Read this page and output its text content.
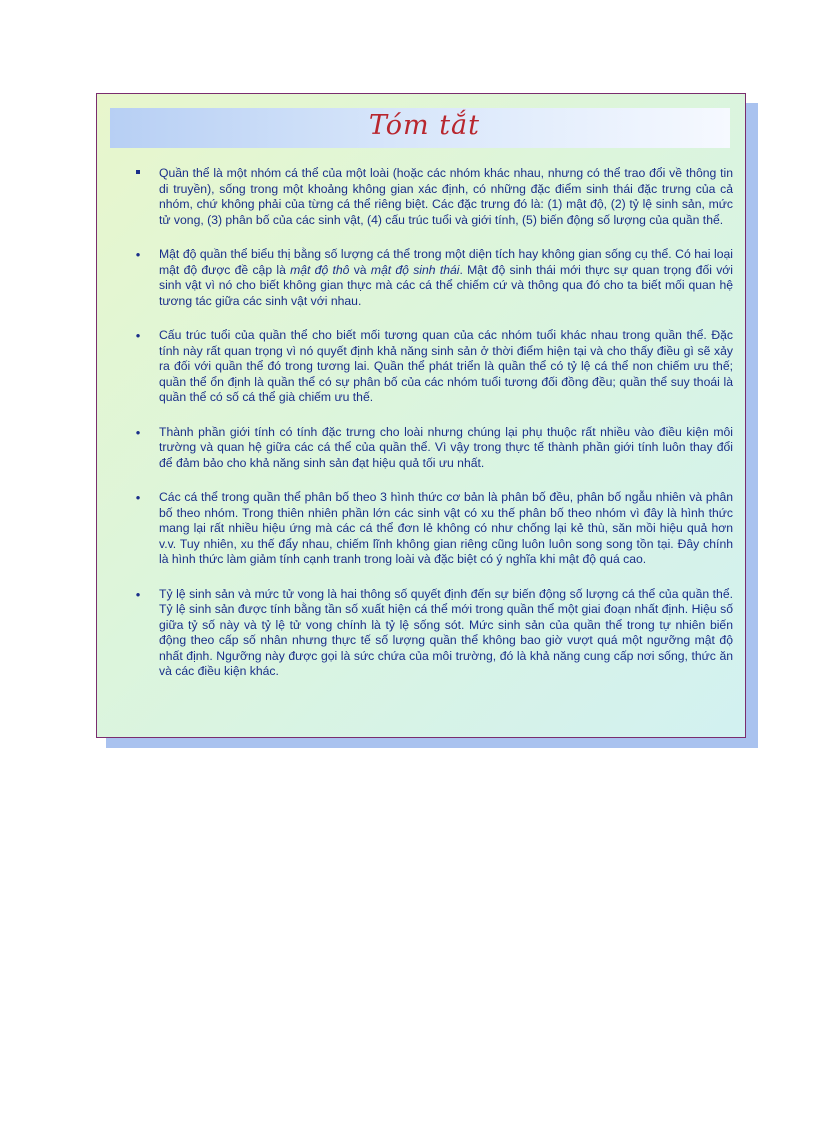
Tóm tắt
Quần thể là một nhóm cá thể của một loài (hoặc các nhóm khác nhau, nhưng có thể trao đổi về thông tin di truyền), sống trong một khoảng không gian xác định, có những đặc điểm sinh thái đặc trưng của cả nhóm, chứ không phải của từng cá thể riêng biệt. Các đặc trưng đó là: (1) mật độ, (2) tỷ lệ sinh sản, mức tử vong, (3) phân bố của các sinh vật, (4) cấu trúc tuổi và giới tính, (5) biến động số lượng của quần thể.
•
Mật độ quần thể biểu thị bằng số lượng cá thể trong một diện tích hay không gian sống cụ thể. Có hai loại mật độ được đề cập là mật độ thô và mật độ sinh thái. Mật độ sinh thái mới thực sự quan trọng đối với sinh vật vì nó cho biết không gian thực mà các cá thể chiếm cứ và thông qua đó cho ta biết mối quan hệ tương tác giữa các sinh vật với nhau.
•
Cấu trúc tuổi của quần thể cho biết mối tương quan của các nhóm tuổi khác nhau trong quần thể. Đặc tính này rất quan trọng vì nó quyết định khả năng sinh sản ở thời điểm hiện tại và cho thấy điều gì sẽ xảy ra đối với quần thể đó trong tương lai. Quần thể phát triển là quần thể có tỷ lệ cá thể non chiếm ưu thế; quần thể ổn định là quần thể có sự phân bố của các nhóm tuổi tương đối đồng đều; quần thể suy thoái là quần thể có số cá thể già chiếm ưu thế.
•
Thành phần giới tính có tính đặc trưng cho loài nhưng chúng lại phụ thuộc rất nhiều vào điều kiện môi trường và quan hệ giữa các cá thể của quần thể. Vì vậy trong thực tế thành phần giới tính luôn thay đổi để đảm bảo cho khả năng sinh sản đạt hiệu quả tối ưu nhất.
•
Các cá thể trong quần thể phân bố theo 3 hình thức cơ bản là phân bố đều, phân bố ngẫu nhiên và phân bố theo nhóm. Trong thiên nhiên phần lớn các sinh vật có xu thế phân bố theo nhóm vì đây là hình thức mang lại rất nhiều hiệu ứng mà các cá thể đơn lẻ không có như chống lại kẻ thù, săn mồi hiệu quả hơn v.v. Tuy nhiên, xu thế đẩy nhau, chiếm lĩnh không gian riêng cũng luôn luôn song song tồn tại. Đây chính là hình thức làm giảm tính cạnh tranh trong loài và đặc biệt có ý nghĩa khi mật độ quá cao.
•
Tỷ lệ sinh sản và mức tử vong là hai thông số quyết định đến sự biến động số lượng cá thể của quần thể. Tỷ lệ sinh sản được tính bằng tần số xuất hiện cá thể mới trong quần thể một giai đoạn nhất định. Hiệu số giữa tỷ số này và tỷ lệ tử vong chính là tỷ lệ sống sót. Mức sinh sản của quần thể trong tự nhiên biến động theo cấp số nhân nhưng thực tế số lượng quần thể không bao giờ vượt quá một ngưỡng mật độ nhất định. Ngưỡng này được gọi là sức chứa của môi trường, đó là khả năng cung cấp nơi sống, thức ăn và các điều kiện khác.
